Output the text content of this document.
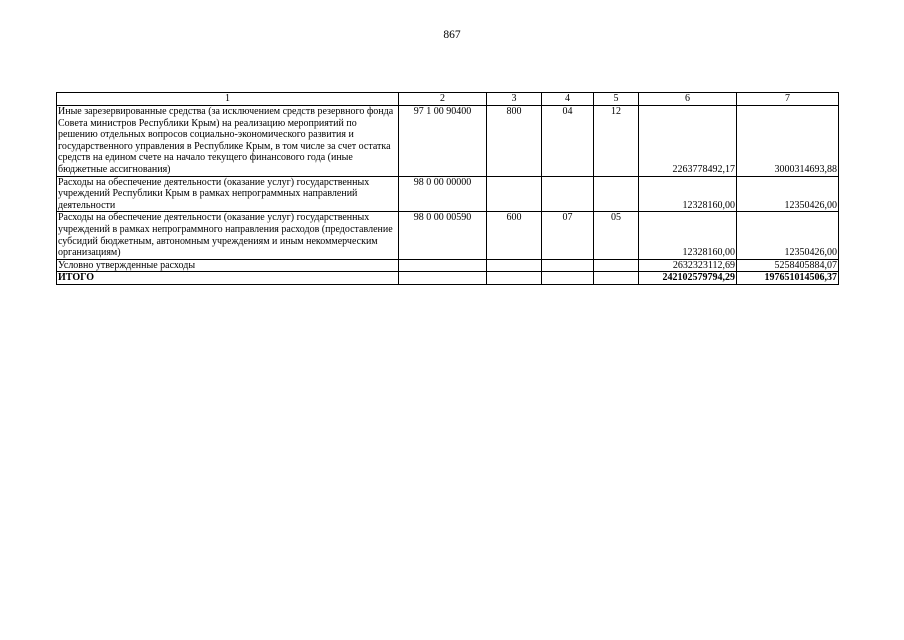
867
1	2	3	4	5	6	7
Иные зарезервированные средства (за исключением средств резервного фонда Совета министров Республики Крым) на реализацию мероприятий по решению отдельных вопросов социально-экономического развития и государственного управления в Республике Крым, в том числе за счет остатка средств на едином счете на начало текущего финансового года (иные бюджетные ассигнования)	97 1 00 90400	800	04	12	2263778492,17	3000314693,88
Расходы на обеспечение деятельности (оказание услуг) государственных учреждений Республики Крым в рамках непрограммных направлений деятельности	98 0 00 00000				12328160,00	12350426,00
Расходы на обеспечение деятельности (оказание услуг) государственных учреждений в рамках непрограммного направления расходов (предоставление субсидий бюджетным, автономным учреждениям и иным некоммерческим организациям)	98 0 00 00590	600	07	05	12328160,00	12350426,00
Условно утвержденные расходы					2632323112,69	5258405884,07
ИТОГО					242102579794,29	197651014506,37
